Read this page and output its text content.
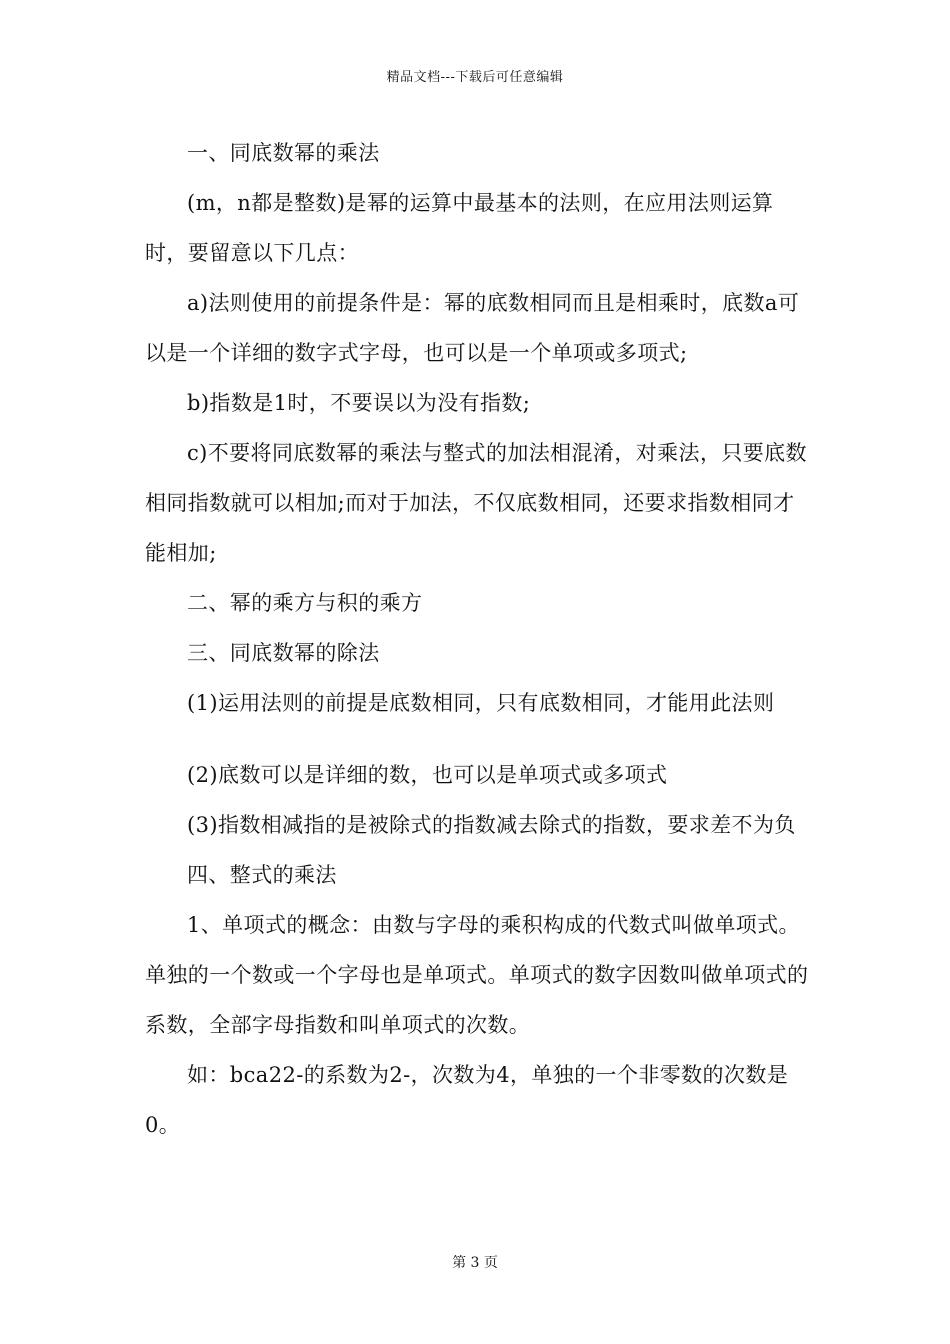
精品文档---下载后可任意编辑

一、同底数幂的乘法

(m，n都是整数)是幂的运算中最基本的法则，在应用法则运算时，要留意以下几点：

a)法则使用的前提条件是：幂的底数相同而且是相乘时，底数a可以是一个详细的数字式字母，也可以是一个单项或多项式;

b)指数是1时，不要误以为没有指数;

c)不要将同底数幂的乘法与整式的加法相混淆，对乘法，只要底数相同指数就可以相加;而对于加法，不仅底数相同，还要求指数相同才能相加;

二、幂的乘方与积的乘方

三、同底数幂的除法

(1)运用法则的前提是底数相同，只有底数相同，才能用此法则

(2)底数可以是详细的数，也可以是单项式或多项式

(3)指数相减指的是被除式的指数减去除式的指数，要求差不为负

四、整式的乘法

1、单项式的概念：由数与字母的乘积构成的代数式叫做单项式。单独的一个数或一个字母也是单项式。单项式的数字因数叫做单项式的系数，全部字母指数和叫单项式的次数。

如：bca22-的系数为2-，次数为4，单独的一个非零数的次数是0。

第 3 页
